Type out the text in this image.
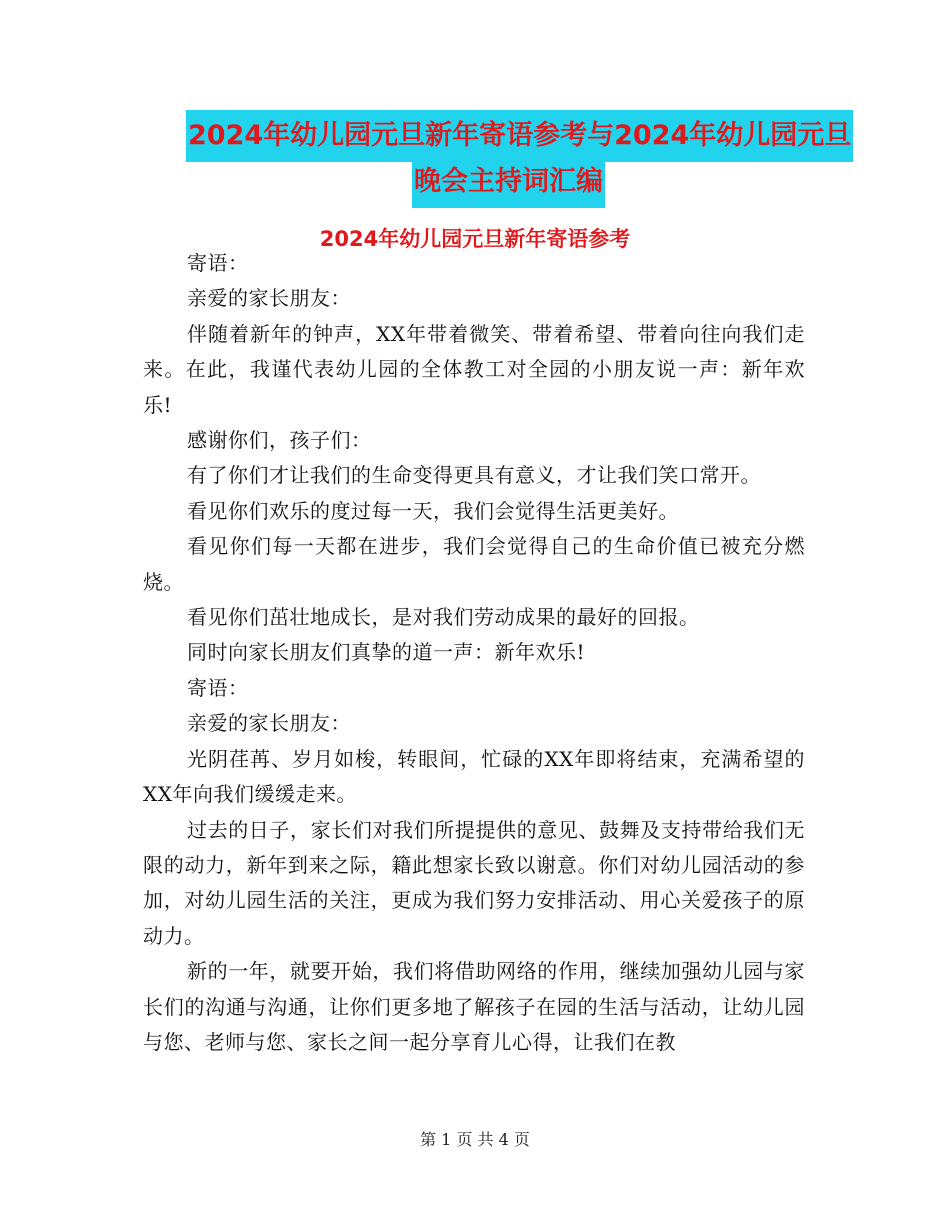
2024年幼儿园元旦新年寄语参考与2024年幼儿园元旦
晚会主持词汇编
2024年幼儿园元旦新年寄语参考

寄语：

亲爱的家长朋友：

伴随着新年的钟声，XX年带着微笑、带着希望、带着向往向我们走来。在此，我谨代表幼儿园的全体教工对全园的小朋友说一声：新年欢乐!

感谢你们，孩子们：

有了你们才让我们的生命变得更具有意义，才让我们笑口常开。

看见你们欢乐的度过每一天，我们会觉得生活更美好。

看见你们每一天都在进步，我们会觉得自己的生命价值已被充分燃烧。

看见你们茁壮地成长，是对我们劳动成果的最好的回报。

同时向家长朋友们真挚的道一声：新年欢乐!

寄语：

亲爱的家长朋友：

光阴荏苒、岁月如梭，转眼间，忙碌的XX年即将结束，充满希望的XX年向我们缓缓走来。

过去的日子，家长们对我们所提提供的意见、鼓舞及支持带给我们无限的动力，新年到来之际，籍此想家长致以谢意。你们对幼儿园活动的参加，对幼儿园生活的关注，更成为我们努力安排活动、用心关爱孩子的原动力。

新的一年，就要开始，我们将借助网络的作用，继续加强幼儿园与家长们的沟通与沟通，让你们更多地了解孩子在园的生活与活动，让幼儿园与您、老师与您、家长之间一起分享育儿心得，让我们在教

第 1 页 共 4 页
